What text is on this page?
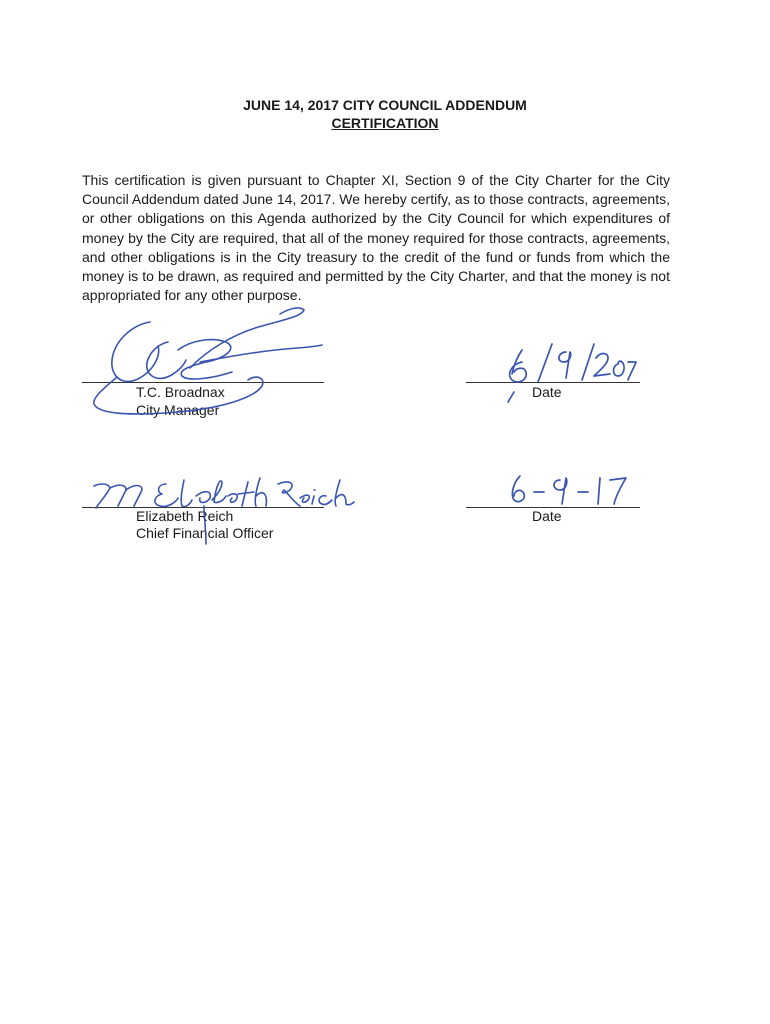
JUNE 14, 2017 CITY COUNCIL ADDENDUM
CERTIFICATION
This certification is given pursuant to Chapter XI, Section 9 of the City Charter for the City Council Addendum dated June 14, 2017. We hereby certify, as to those contracts, agreements, or other obligations on this Agenda authorized by the City Council for which expenditures of money by the City are required, that all of the money required for those contracts, agreements, and other obligations is in the City treasury to the credit of the fund or funds from which the money is to be drawn, as required and permitted by the City Charter, and that the money is not appropriated for any other purpose.
T.C. Broadnax
City Manager
Date
Elizabeth Reich
Chief Financial Officer
Date
